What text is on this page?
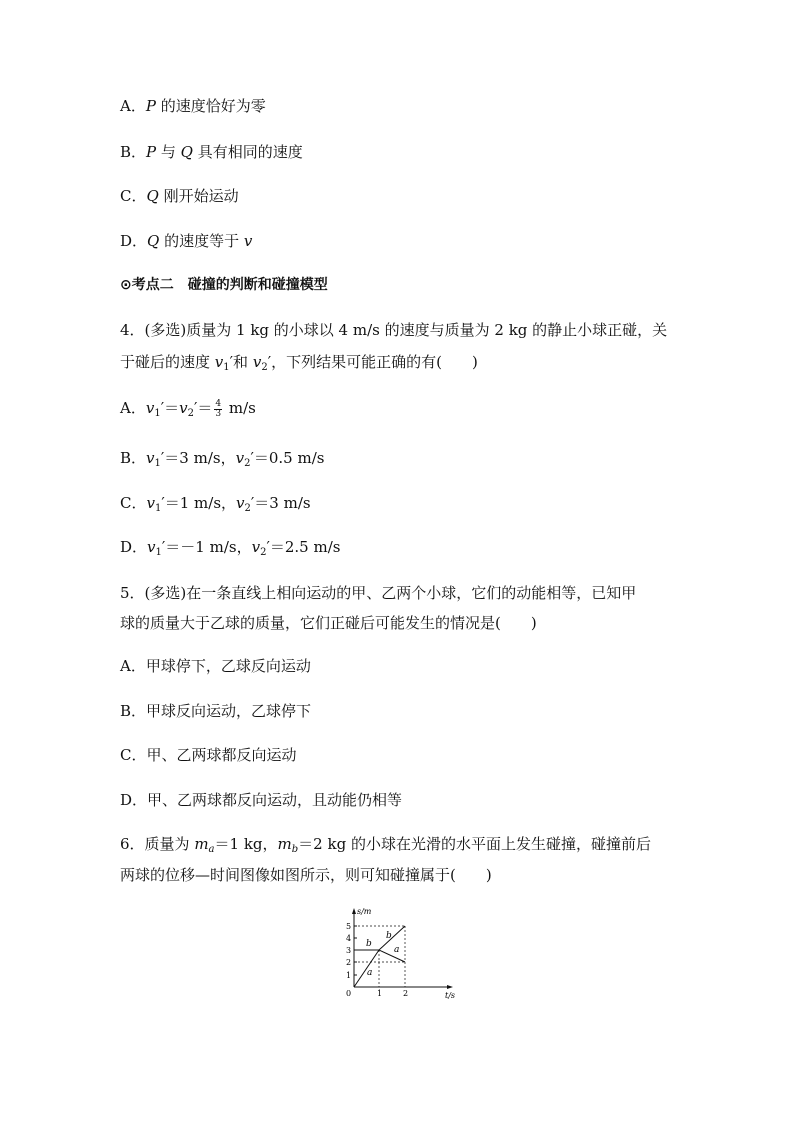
A．P 的速度恰好为零
B．P 与 Q 具有相同的速度
C．Q 刚开始运动
D．Q 的速度等于 v
⊙考点二　碰撞的判断和碰撞模型
4．(多选)质量为 1 kg 的小球以 4 m/s 的速度与质量为 2 kg 的静止小球正碰，关
于碰后的速度 $v_1'$和 $v_2'$，下列结果可能正确的有(　　)
A．$v_1'=v_2'= \frac{4}{3} m/s$
B．$v_1'=3$ m/s，$v_2'=0.5$ m/s
C．$v_1'=1$ m/s，$v_2'=3$ m/s
D．$v_1'=-1$ m/s，$v_2'=2.5$ m/s
5．(多选)在一条直线上相向运动的甲、乙两个小球，它们的动能相等，已知甲
球的质量大于乙球的质量，它们正碰后可能发生的情况是(　　)
A．甲球停下，乙球反向运动
B．甲球反向运动，乙球停下
C．甲、乙两球都反向运动
D．甲、乙两球都反向运动，且动能仍相等
6．质量为 $m_a=1$ kg，$m_b=2$ kg 的小球在光滑的水平面上发生碰撞，碰撞前后
两球的位移—时间图像如图所示，则可知碰撞属于(　　)
s/m
t/s
0
1
2
3
4
5
1	2
a
a
b
b
